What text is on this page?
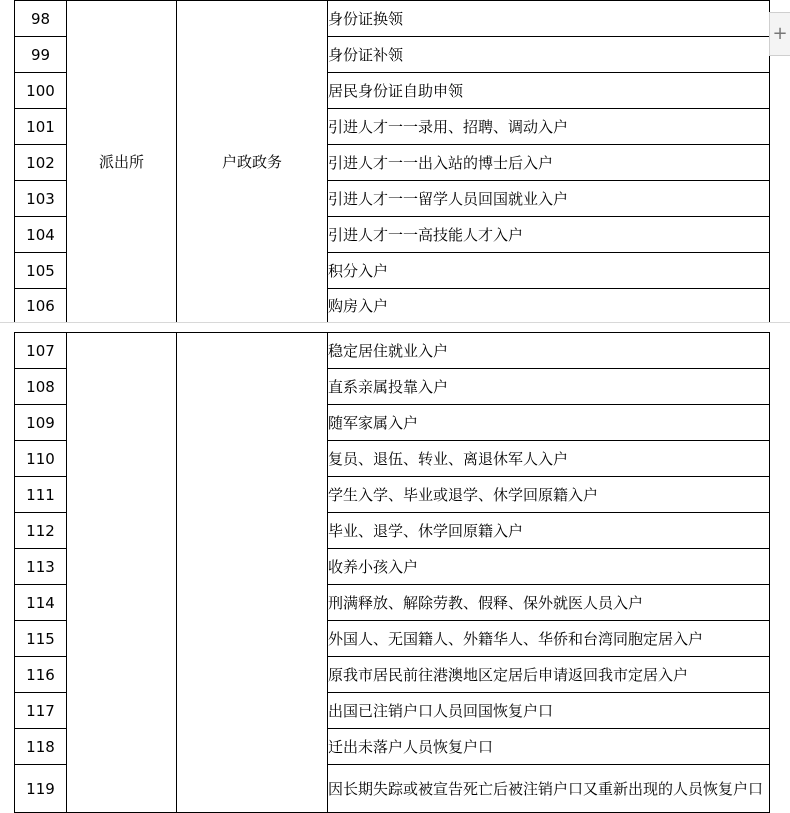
98	派出所	户政政务	身份证换领
99			身份证补领
100			居民身份证自助申领
101			引进人才一一录用、招聘、调动入户
102			引进人才一一出入站的博士后入户
103			引进人才一一留学人员回国就业入户
104			引进人才一一高技能人才入户
105			积分入户
106			购房入户
107			稳定居住就业入户
108			直系亲属投靠入户
109			随军家属入户
110			复员、退伍、转业、离退休军人入户
111			学生入学、毕业或退学、休学回原籍入户
112			毕业、退学、休学回原籍入户
113			收养小孩入户
114			刑满释放、解除劳教、假释、保外就医人员入户
115			外国人、无国籍人、外籍华人、华侨和台湾同胞定居入户
116			原我市居民前往港澳地区定居后申请返回我市定居入户
117			出国已注销户口人员回国恢复户口
118			迁出未落户人员恢复户口
119			因长期失踪或被宣告死亡后被注销户口又重新出现的人员恢复户口
+
